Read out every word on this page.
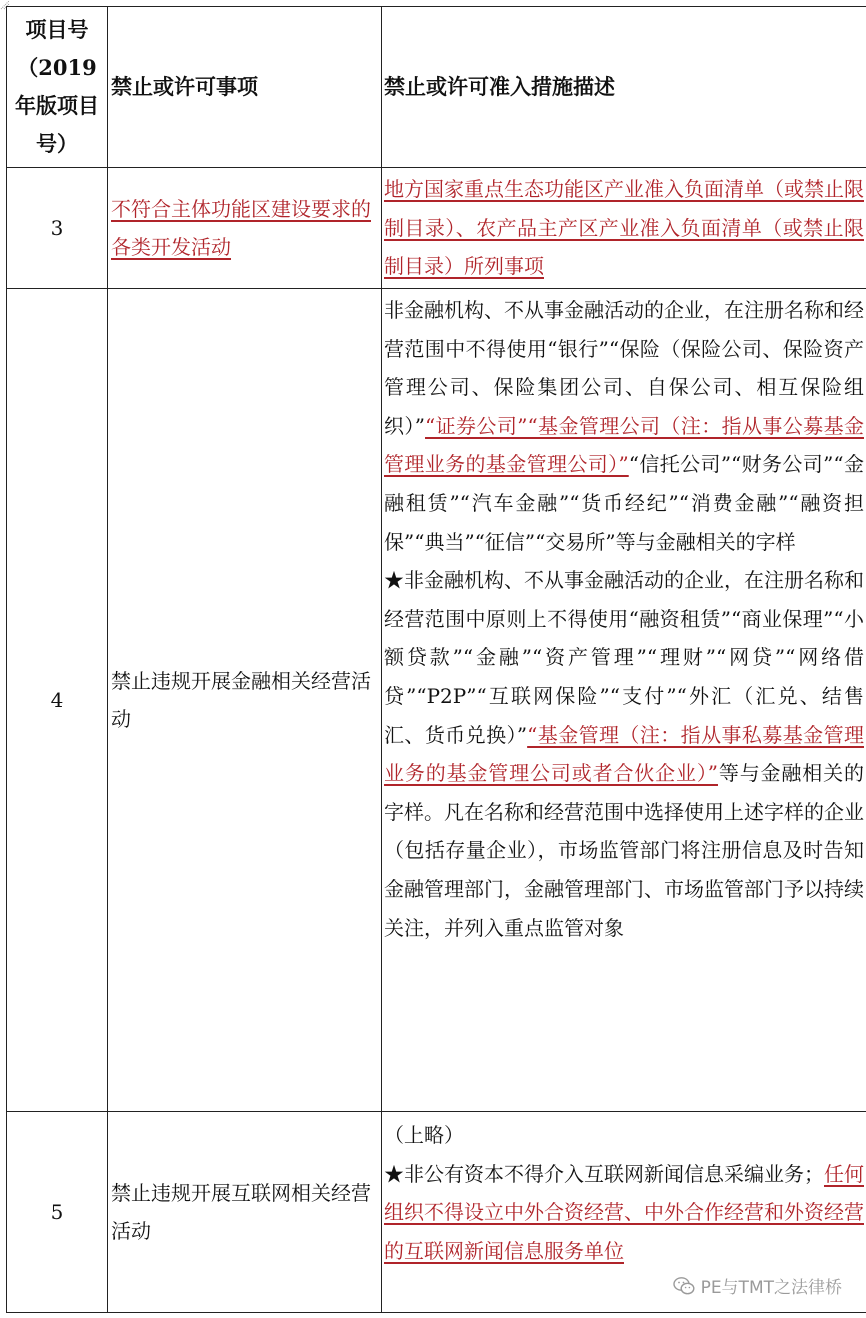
项目号（2019年版项目号）	禁止或许可事项	禁止或许可准入措施描述
3	不符合主体功能区建设要求的各类开发活动	地方国家重点生态功能区产业准入负面清单（或禁止限制目录）、农产品主产区产业准入负面清单（或禁止限制目录）所列事项
4	禁止违规开展金融相关经营活动	非金融机构、不从事金融活动的企业，在注册名称和经营范围中不得使用“银行”“保险（保险公司、保险资产管理公司、保险集团公司、自保公司、相互保险组织）”“证券公司”“基金管理公司（注：指从事公募基金管理业务的基金管理公司）”“信托公司”“财务公司”“金融租赁”“汽车金融”“货币经纪”“消费金融”“融资担保”“典当”“征信”“交易所”等与金融相关的字样

★非金融机构、不从事金融活动的企业，在注册名称和经营范围中原则上不得使用“融资租赁”“商业保理”“小额贷款”“金融”“资产管理”“理财”“网贷”“网络借贷”“P2P”“互联网保险”“支付”“外汇（汇兑、结售汇、货币兑换）”“基金管理（注：指从事私募基金管理业务的基金管理公司或者合伙企业）”等与金融相关的字样。凡在名称和经营范围中选择使用上述字样的企业（包括存量企业），市场监管部门将注册信息及时告知金融管理部门，金融管理部门、市场监管部门予以持续关注，并列入重点监管对象

5	禁止违规开展互联网相关经营活动	（上略）

★非公有资本不得介入互联网新闻信息采编业务；任何组织不得设立中外合资经营、中外合作经营和外资经营的互联网新闻信息服务单位

PE与TMT之法律桥
